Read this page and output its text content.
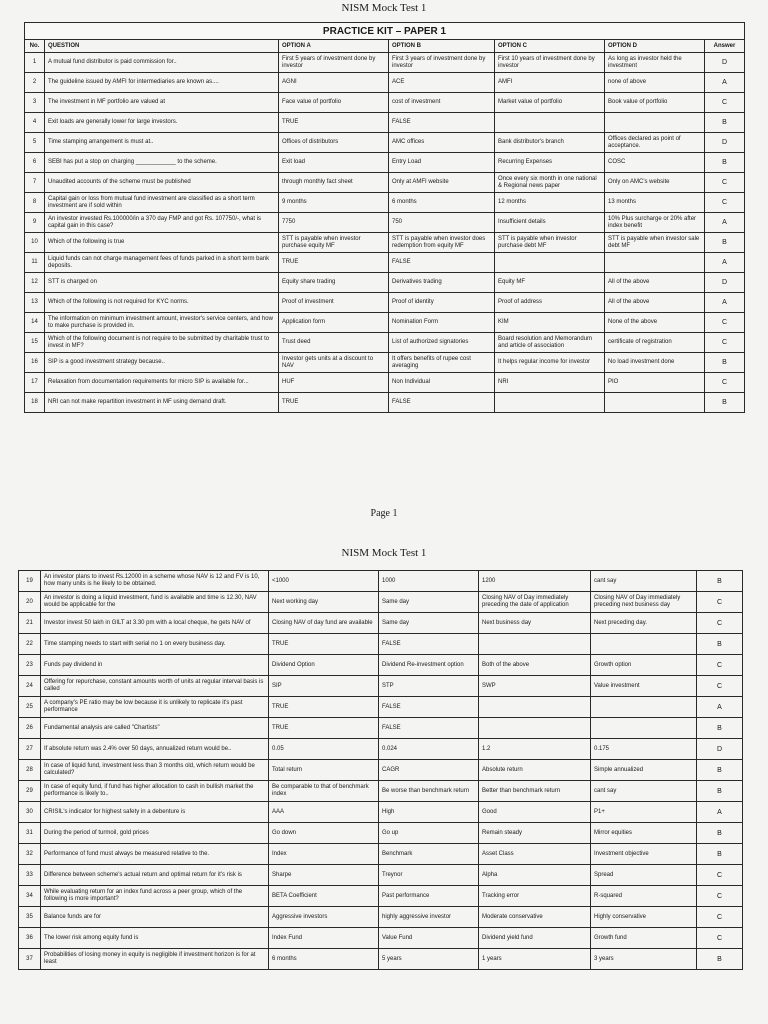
NISM Mock Test 1
PRACTICE KIT – PAPER 1						
No.	QUESTION	OPTION A	OPTION B	OPTION C	OPTION D	Answer
1	A mutual fund distributor is paid commission for..	First 5 years of investment done by investor	First 3 years of investment done by investor	First 10 years of investment done by investor	As long as investor held the investment	D
2	The guideline issued by AMFI for intermediaries are known as....	AGNI	ACE	AMFI	none of above	A
3	The investment in MF portfolio are valued at	Face value of portfolio	cost of investment	Market value of portfolio	Book value of portfolio	C
4	Exit loads are generally lower for large investors.	TRUE	FALSE			B
5	Time stamping arrangement is must at..	Offices of distributors	AMC offices	Bank distributor's branch	Offices declared as point of acceptance.	D
6	SEBI has put a stop on charging ____________ to the scheme.	Exit load	Entry Load	Recurring Expenses	COSC	B
7	Unaudited accounts of the scheme must be published	through monthly fact sheet	Only at AMFI website	Once every six month in one national & Regional news paper	Only on AMC's website	C
8	Capital gain or loss from mutual fund investment are classified as a short term investment are if sold within	9 months	6 months	12 months	13 months	C
9	An investor invested Rs.100000/in a 370 day FMP and got Rs. 107750/-, what is capital gain in this case?	7750	750	Insufficient details	10% Plus surcharge or 20% after index benefit	A
10	Which of the following is true	STT is payable when investor purchase equity MF	STT is payable when investor does redemption from equity MF	STT is payable when investor purchase debt MF	STT is payable when investor sale debt MF	B
11	Liquid funds can not charge management fees of funds parked in a short term bank deposits.	TRUE	FALSE			A
12	STT is charged on	Equity share trading	Derivatives trading	Equity MF	All of the above	D
13	Which of the following is not required for KYC norms.	Proof of investment	Proof of identity	Proof of address	All of the above	A
14	The information on minimum investment amount, investor's service centers, and how to make purchase is provided in.	Application form	Nomination Form	KIM	None of the above	C
15	Which of the following document is not require to be submitted by charitable trust to invest in MF?	Trust deed	List of authorized signatories	Board resolution and Memorandum and article of association	certificate of registration	C
16	SIP is a good investment strategy because..	Investor gets units at a discount to NAV	It offers benefits of rupee cost averaging	It helps regular income for investor	No load investment done	B
17	Relaxation from documentation requirements for micro SIP is available for...	HUF	Non Individual	NRI	PIO	C
18	NRI can not make repartition investment in MF using demand draft.	TRUE	FALSE			B
Page 1
NISM Mock Test 1
19	An investor plans to invest Rs.12000 in a scheme whose NAV is 12 and FV is 10, how many units is he likely to be obtained.	<1000	1000	1200	cant say	B
20	An investor is doing a liquid investment, fund is available and time is 12.30, NAV would be applicable for the	Next working day	Same day	Closing NAV of Day immediately preceding the date of application	Closing NAV of Day immediately preceding next business day	C
21	Investor invest 50 lakh in GILT at 3.30 pm with a local cheque, he gets NAV of	Closing NAV of day fund are available	Same day	Next business day	Next preceding day.	C
22	Time stamping needs to start with serial no 1 on every business day.	TRUE	FALSE			B
23	Funds pay dividend in	Dividend Option	Dividend Re-investment option	Both of the above	Growth option	C
24	Offering for repurchase, constant amounts worth of units at regular interval basis is called	SIP	STP	SWP	Value investment	C
25	A company's PE ratio may be low because it is unlikely to replicate it's past performance	TRUE	FALSE			A
26	Fundamental analysis are called "Chartists"	TRUE	FALSE			B
27	If absolute return was 2.4% over 50 days, annualized return would be..	0.05	0.024	1.2	0.175	D
28	In case of liquid fund, investment less than 3 months old, which return would be calculated?	Total return	CAGR	Absolute return	Simple annualized	B
29	In case of equity fund, if fund has higher allocation to cash in bullish market the performance is likely to..	Be comparable to that of benchmark index	Be worse than benchmark return	Better than benchmark return	cant say	B
30	CRISIL's indicator for highest safety in a debenture is	AAA	High	Good	P1+	A
31	During the period of turmoil, gold prices	Go down	Go up	Remain steady	Mirror equities	B
32	Performance of fund must always be measured relative to the.	Index	Benchmark	Asset Class	Investment objective	B
33	Difference between scheme's actual return and optimal return for it's risk is	Sharpe	Treynor	Alpha	Spread	C
34	While evaluating return for an index fund across a peer group, which of the following is more important?	BETA Coefficient	Past performance	Tracking error	R-squared	C
35	Balance funds are for	Aggressive investors	highly aggressive investor	Moderate conservative	Highly conservative	C
36	The lower risk among equity fund is	Index Fund	Value Fund	Dividend yield fund	Growth fund	C
37	Probabilities of losing money in equity is negligible if investment horizon is for at least	6 months	5 years	1 years	3 years	B
